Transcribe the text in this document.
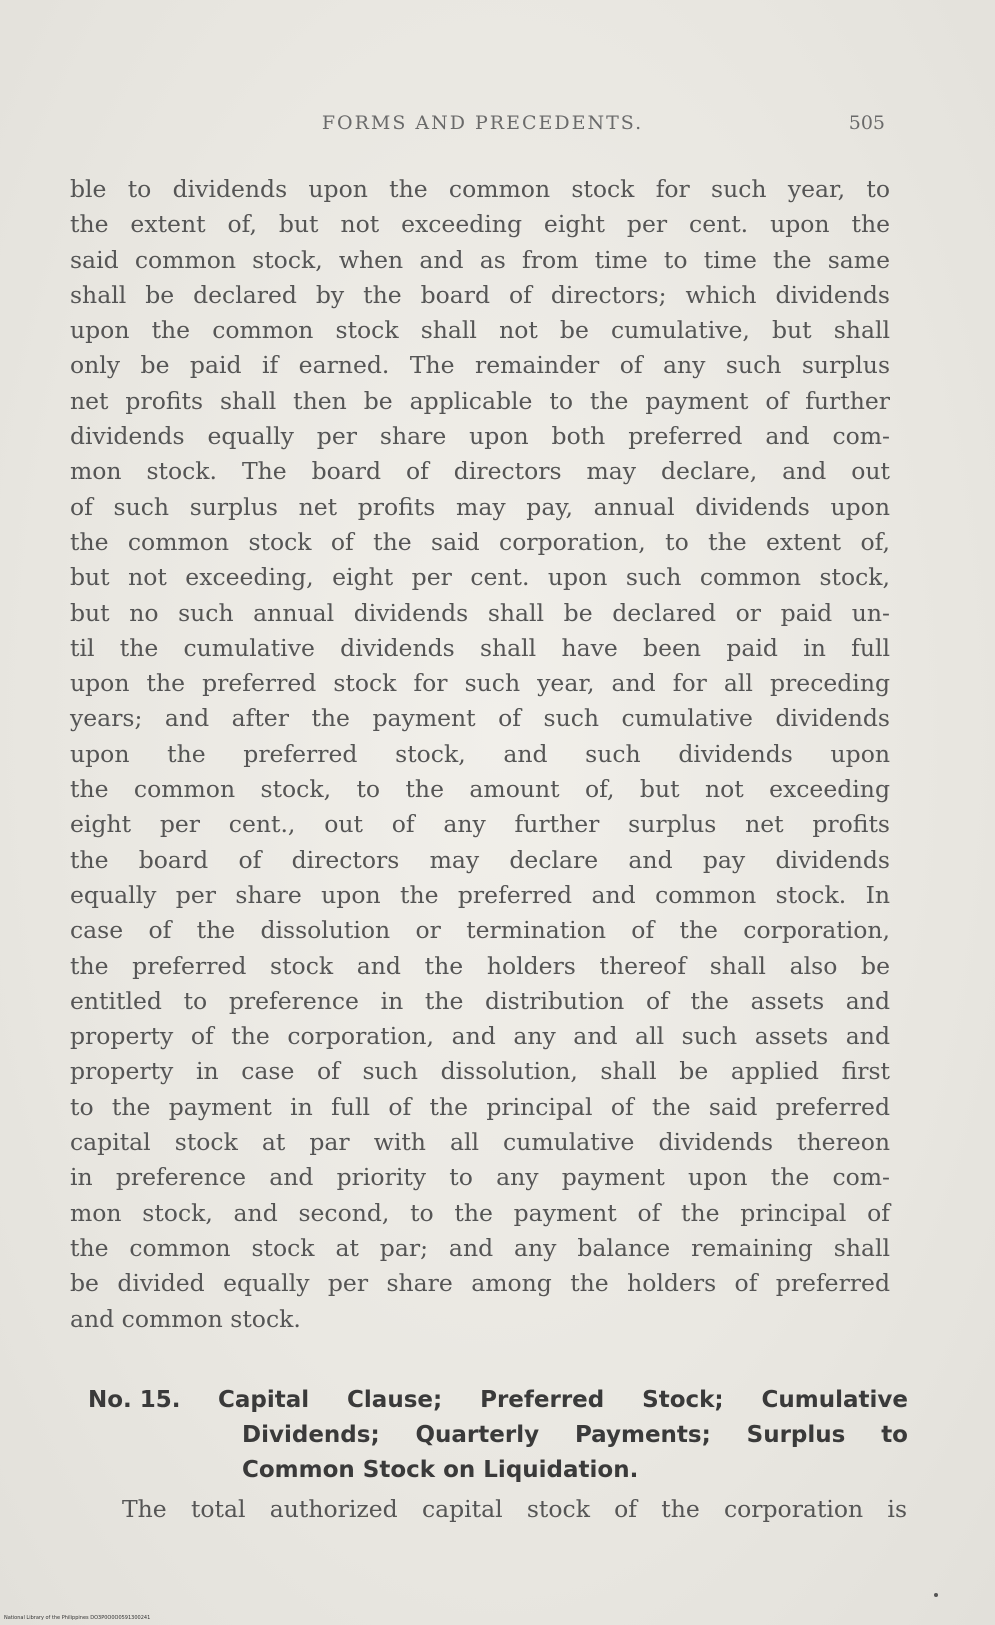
FORMS AND PRECEDENTS.	505
ble to dividends upon the common stock for such year, to
the extent of, but not exceeding eight per cent. upon the
said common stock, when and as from time to time the same
shall be declared by the board of directors; which dividends
upon the common stock shall not be cumulative, but shall
only be paid if earned. The remainder of any such surplus
net profits shall then be applicable to the payment of further
dividends equally per share upon both preferred and com-
mon stock. The board of directors may declare, and out
of such surplus net profits may pay, annual dividends upon
the common stock of the said corporation, to the extent of,
but not exceeding, eight per cent. upon such common stock,
but no such annual dividends shall be declared or paid un-
til the cumulative dividends shall have been paid in full
upon the preferred stock for such year, and for all preceding
years; and after the payment of such cumulative dividends
upon the preferred stock, and such dividends upon
the common stock, to the amount of, but not exceeding
eight per cent., out of any further surplus net profits
the board of directors may declare and pay dividends
equally per share upon the preferred and common stock. In
case of the dissolution or termination of the corporation,
the preferred stock and the holders thereof shall also be
entitled to preference in the distribution of the assets and
property of the corporation, and any and all such assets and
property in case of such dissolution, shall be applied first
to the payment in full of the principal of the said preferred
capital stock at par with all cumulative dividends thereon
in preference and priority to any payment upon the com-
mon stock, and second, to the payment of the principal of
the common stock at par; and any balance remaining shall
be divided equally per share among the holders of preferred
and common stock.
No. 15. Capital Clause; Preferred Stock; Cumulative
Dividends; Quarterly Payments; Surplus to
Common Stock on Liquidation.
The total authorized capital stock of the corporation is
National Library of the Philippines DO3P0O0O0591300241
